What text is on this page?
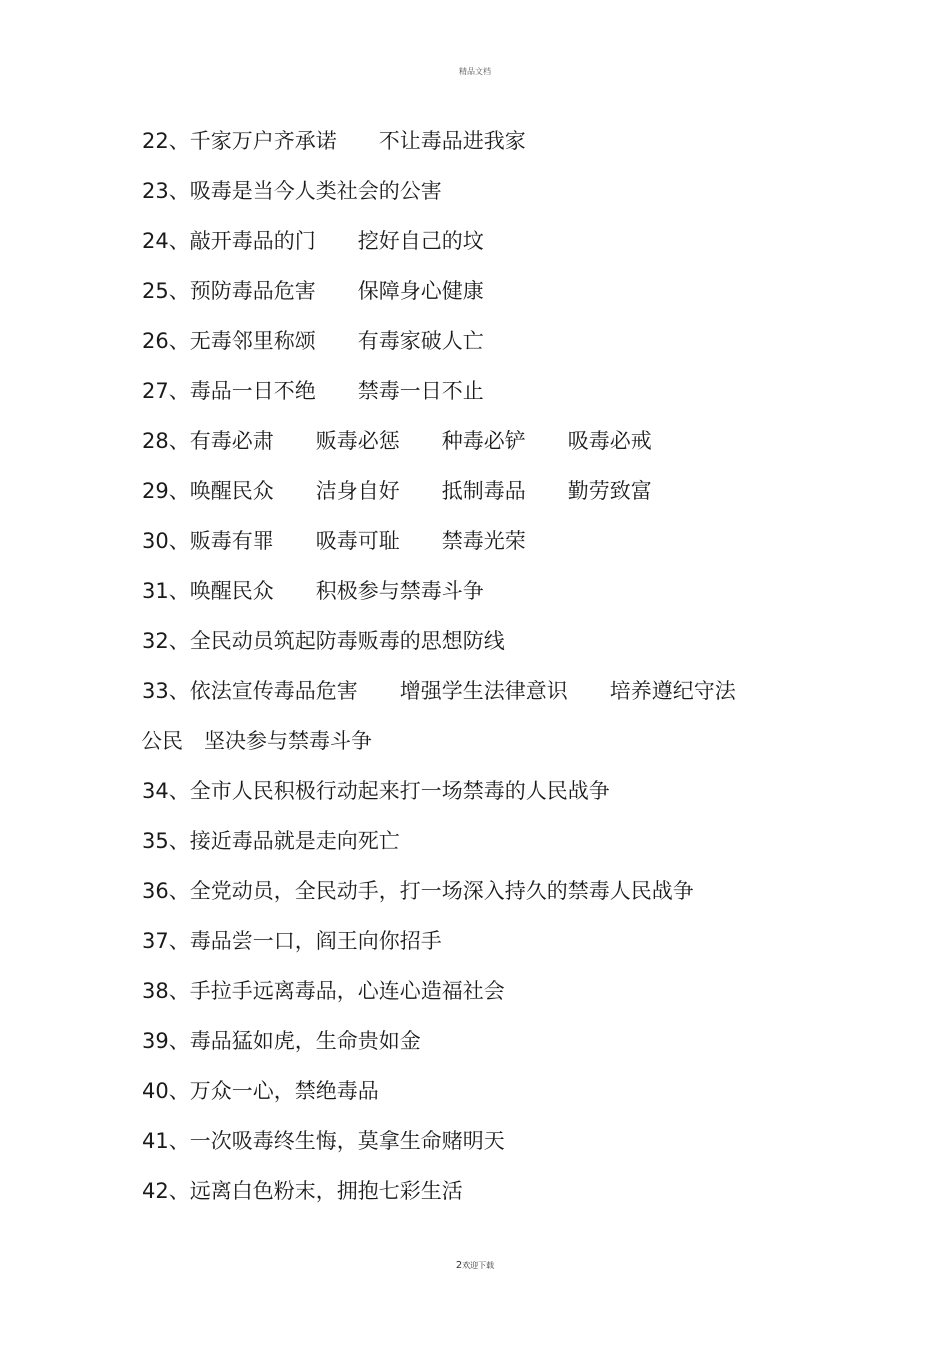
精品文档
22、千家万户齐承诺　　不让毒品进我家
23、吸毒是当今人类社会的公害
24、敲开毒品的门　　挖好自己的坟
25、预防毒品危害　　保障身心健康
26、无毒邻里称颂　　有毒家破人亡
27、毒品一日不绝　　禁毒一日不止
28、有毒必肃　　贩毒必惩　　种毒必铲　　吸毒必戒
29、唤醒民众　　洁身自好　　抵制毒品　　勤劳致富
30、贩毒有罪　　吸毒可耻　　禁毒光荣
31、唤醒民众　　积极参与禁毒斗争
32、全民动员筑起防毒贩毒的思想防线
33、依法宣传毒品危害　　增强学生法律意识　　培养遵纪守法
公民　坚决参与禁毒斗争
34、全市人民积极行动起来打一场禁毒的人民战争
35、接近毒品就是走向死亡
36、全党动员，全民动手，打一场深入持久的禁毒人民战争
37、毒品尝一口，阎王向你招手
38、手拉手远离毒品，心连心造福社会
39、毒品猛如虎，生命贵如金
40、万众一心，禁绝毒品
41、一次吸毒终生悔，莫拿生命赌明天
42、远离白色粉末，拥抱七彩生活
2欢迎下载
